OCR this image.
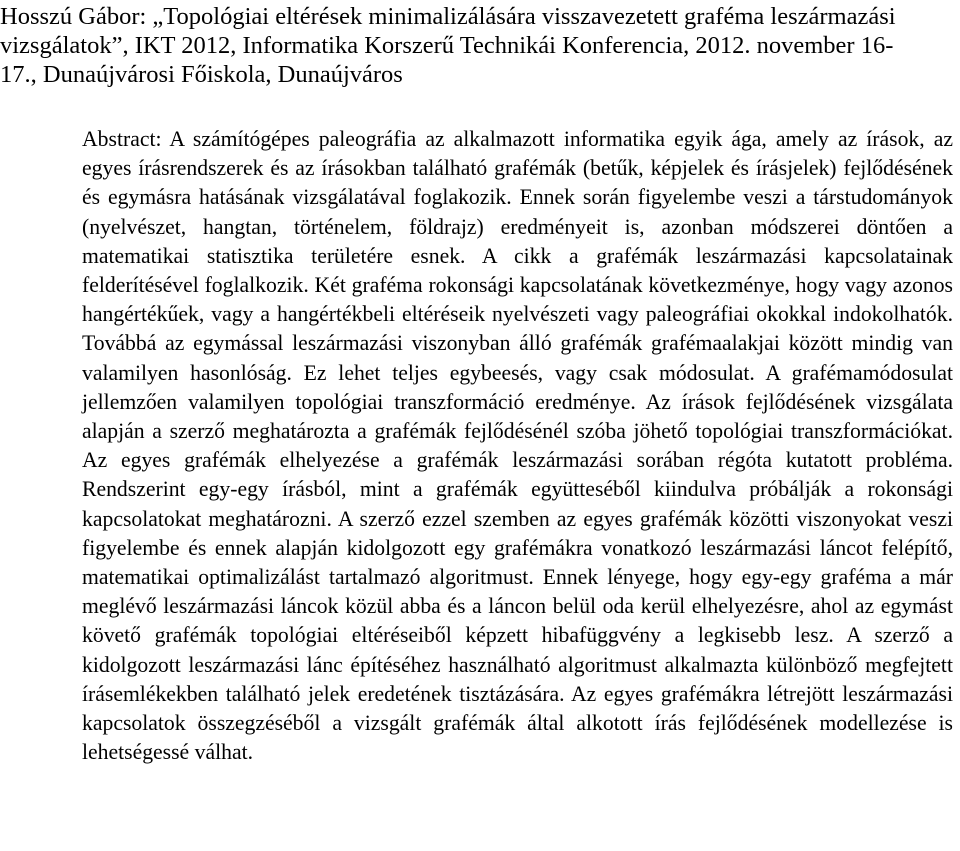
Hosszú Gábor: „Topológiai eltérések minimalizálására visszavezetett graféma leszármazási
vizsgálatok”, IKT 2012, Informatika Korszerű Technikái Konferencia, 2012. november 16-
17., Dunaújvárosi Főiskola, Dunaújváros

Abstract: A számítógépes paleográfia az alkalmazott informatika egyik ága, amely az írások, az egyes írásrendszerek és az írásokban található grafémák (betűk, képjelek és írásjelek) fejlődésének és egymásra hatásának vizsgálatával foglakozik. Ennek során figyelembe veszi a társtudományok (nyelvészet, hangtan, történelem, földrajz) eredményeit is, azonban módszerei döntően a matematikai statisztika területére esnek. A cikk a grafémák leszármazási kapcsolatainak felderítésével foglalkozik. Két graféma rokonsági kapcsolatának következménye, hogy vagy azonos hangértékűek, vagy a hangértékbeli eltéréseik nyelvészeti vagy paleográfiai okokkal indokolhatók. Továbbá az egymással leszármazási viszonyban álló grafémák grafémaalakjai között mindig van valamilyen hasonlóság. Ez lehet teljes egybeesés, vagy csak módosulat. A grafémamódosulat jellemzően valamilyen topológiai transzformáció eredménye. Az írások fejlődésének vizsgálata alapján a szerző meghatározta a grafémák fejlődésénél szóba jöhető topológiai transzformációkat. Az egyes grafémák elhelyezése a grafémák leszármazási sorában régóta kutatott probléma. Rendszerint egy-egy írásból, mint a grafémák együtteséből kiindulva próbálják a rokonsági kapcsolatokat meghatározni. A szerző ezzel szemben az egyes grafémák közötti viszonyokat veszi figyelembe és ennek alapján kidolgozott egy grafémákra vonatkozó leszármazási láncot felépítő, matematikai optimalizálást tartalmazó algoritmust. Ennek lényege, hogy egy-egy graféma a már meglévő leszármazási láncok közül abba és a láncon belül oda kerül elhelyezésre, ahol az egymást követő grafémák topológiai eltéréseiből képzett hibafüggvény a legkisebb lesz. A szerző a kidolgozott leszármazási lánc építéséhez használható algoritmust alkalmazta különböző megfejtett írásemlékekben található jelek eredetének tisztázására. Az egyes grafémákra létrejött leszármazási kapcsolatok összegzéséből a vizsgált grafémák által alkotott írás fejlődésének modellezése is lehetségessé válhat.
